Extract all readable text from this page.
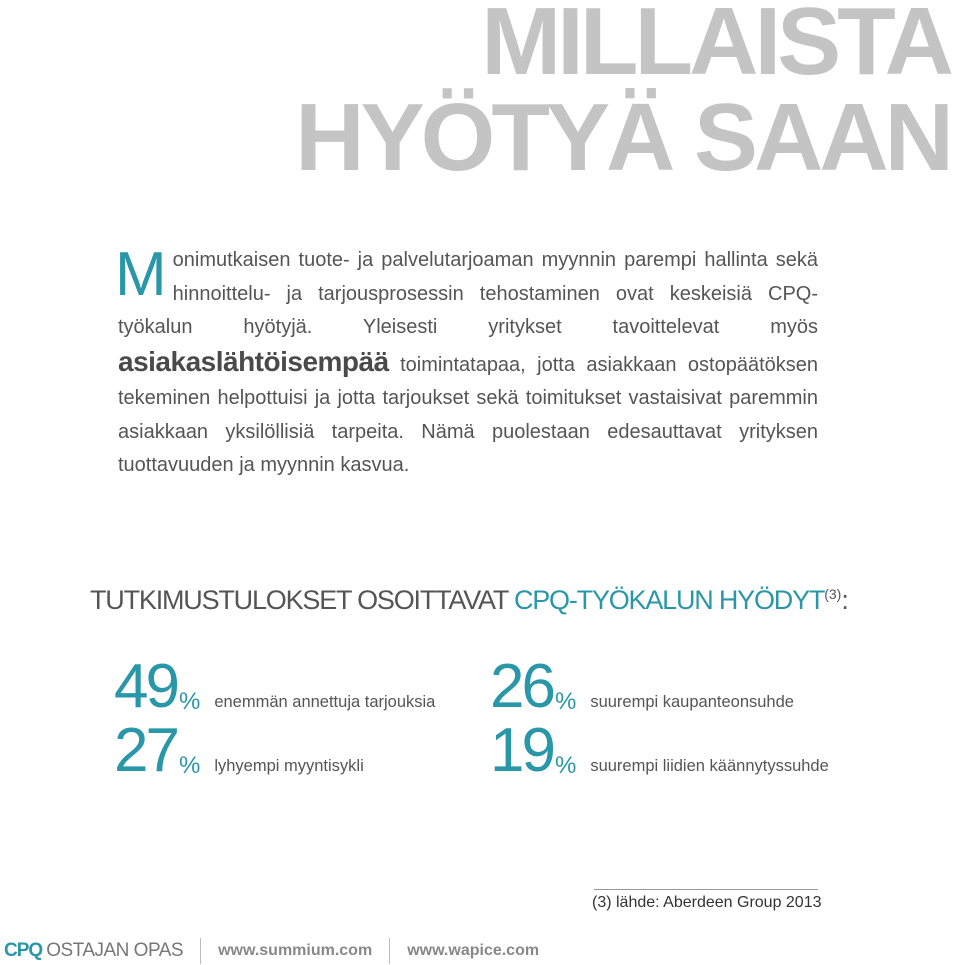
MILLAISTA
HYÖTYÄ SAAN

Monimutkaisen tuote- ja palvelutarjoaman myynnin parempi hallinta sekä hinnoittelu- ja tarjousprosessin tehostaminen ovat keskeisiä CPQ-työkalun hyötyjä. Yleisesti yritykset tavoittelevat myös asiakaslähtöisempää toimintatapaa, jotta asiakkaan ostopäätöksen tekeminen helpottuisi ja jotta tarjoukset sekä toimitukset vastaisivat paremmin asiakkaan yksilöllisiä tarpeita. Nämä puolestaan edesauttavat yrityksen tuottavuuden ja myynnin kasvua.

TUTKIMUSTULOKSET OSOITTAVAT CPQ-TYÖKALUN HYÖDYT$^{(3)}$:
49 % enemmän annettuja tarjouksia 26 % suurempi kaupanteonsuhde
27 % lyhyempi myyntisykli 19 % suurempi liidien käännytyssuhde
(3) lähde: Aberdeen Group 2013
CPQ OSTAJAN OPAS www.summium.com www.wapice.com
